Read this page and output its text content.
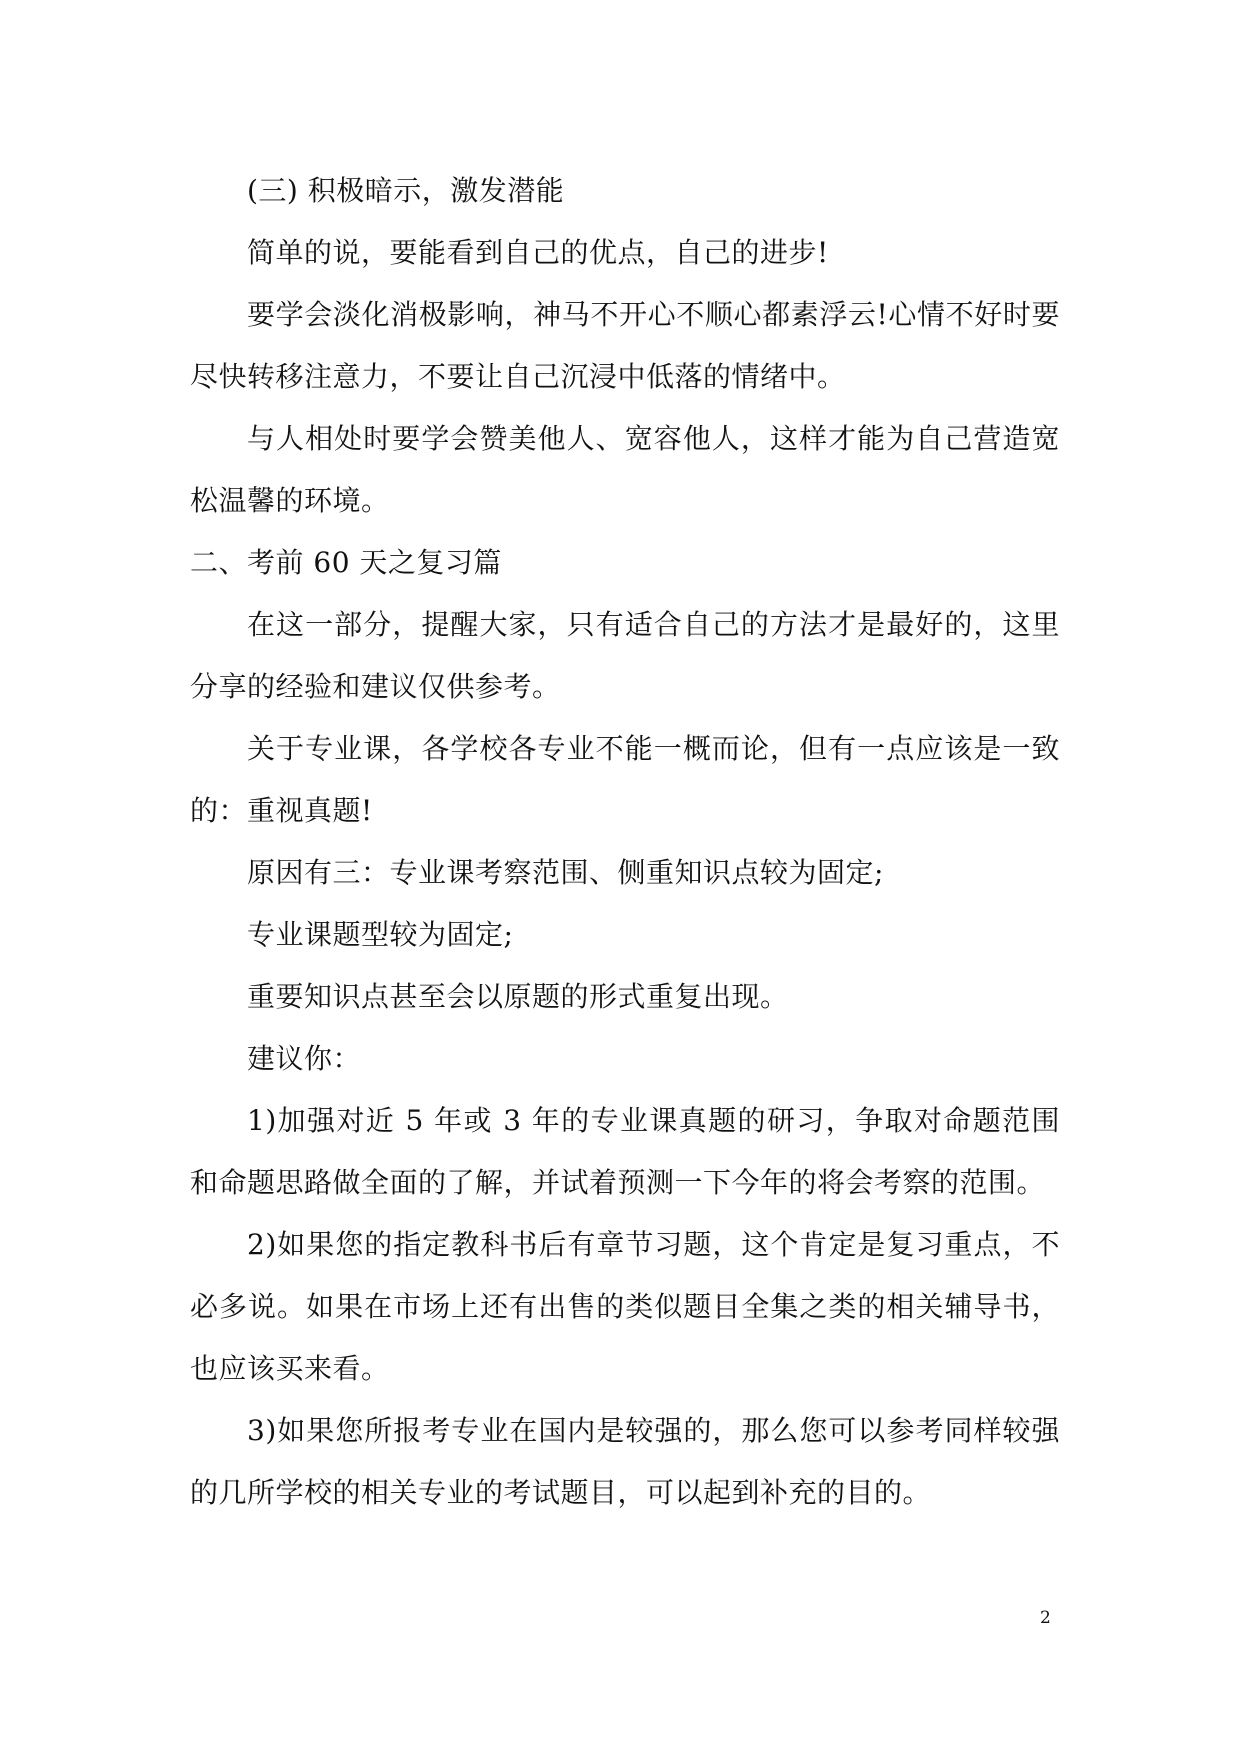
(三) 积极暗示，激发潜能

简单的说，要能看到自己的优点，自己的进步!

要学会淡化消极影响，神马不开心不顺心都素浮云!心情不好时要尽快转移注意力，不要让自己沉浸中低落的情绪中。

与人相处时要学会赞美他人、宽容他人，这样才能为自己营造宽松温馨的环境。

二、考前 60 天之复习篇

在这一部分，提醒大家，只有适合自己的方法才是最好的，这里分享的经验和建议仅供参考。

关于专业课，各学校各专业不能一概而论，但有一点应该是一致的：重视真题!

原因有三：专业课考察范围、侧重知识点较为固定;

专业课题型较为固定;

重要知识点甚至会以原题的形式重复出现。

建议你：

1)加强对近 5 年或 3 年的专业课真题的研习，争取对命题范围和命题思路做全面的了解，并试着预测一下今年的将会考察的范围。

2)如果您的指定教科书后有章节习题，这个肯定是复习重点，不必多说。如果在市场上还有出售的类似题目全集之类的相关辅导书，也应该买来看。

3)如果您所报考专业在国内是较强的，那么您可以参考同样较强的几所学校的相关专业的考试题目，可以起到补充的目的。

2
